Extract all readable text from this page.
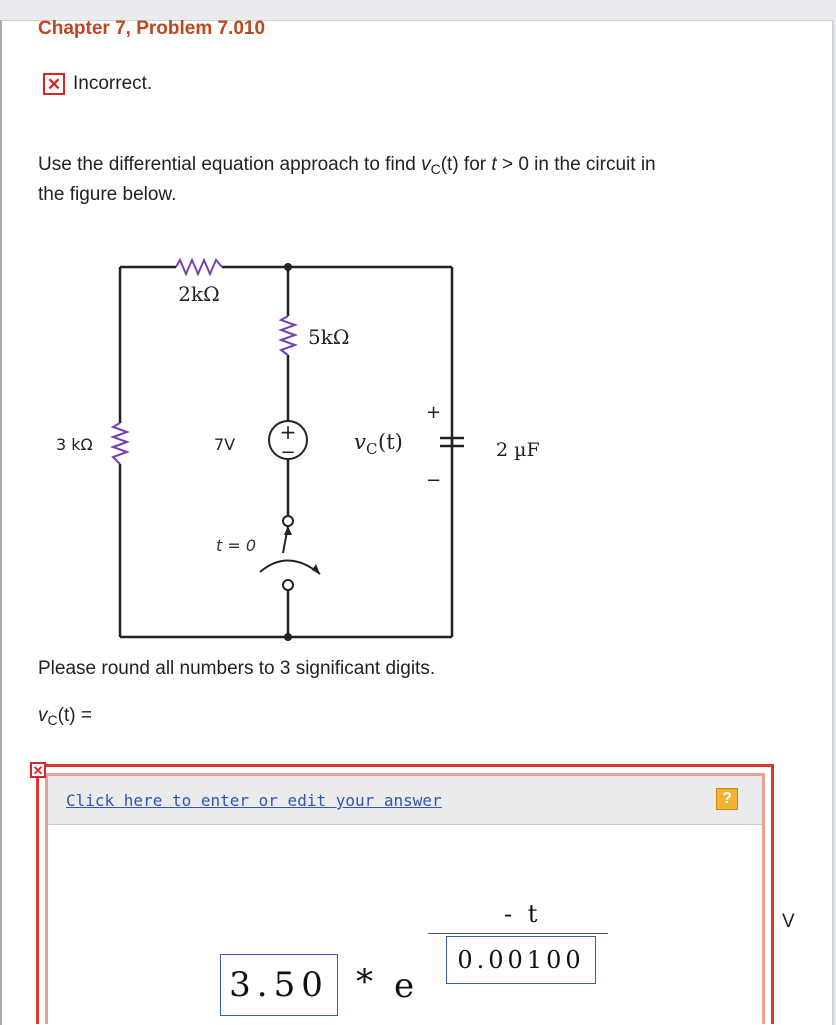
Chapter 7, Problem 7.010
✕ Incorrect.
Use the differential equation approach to find $v_C(t)$ for t > 0 in the circuit in
the figure below.
+
−
2kΩ
5kΩ
3 kΩ	7V
t = 0
v C (t)
+
−
2 µF
Please round all numbers to 3 significant digits.
$v_C(t)$ =
Click here to enter or edit your answer	?
✕
3.50 * e
- t
0.00100
V
